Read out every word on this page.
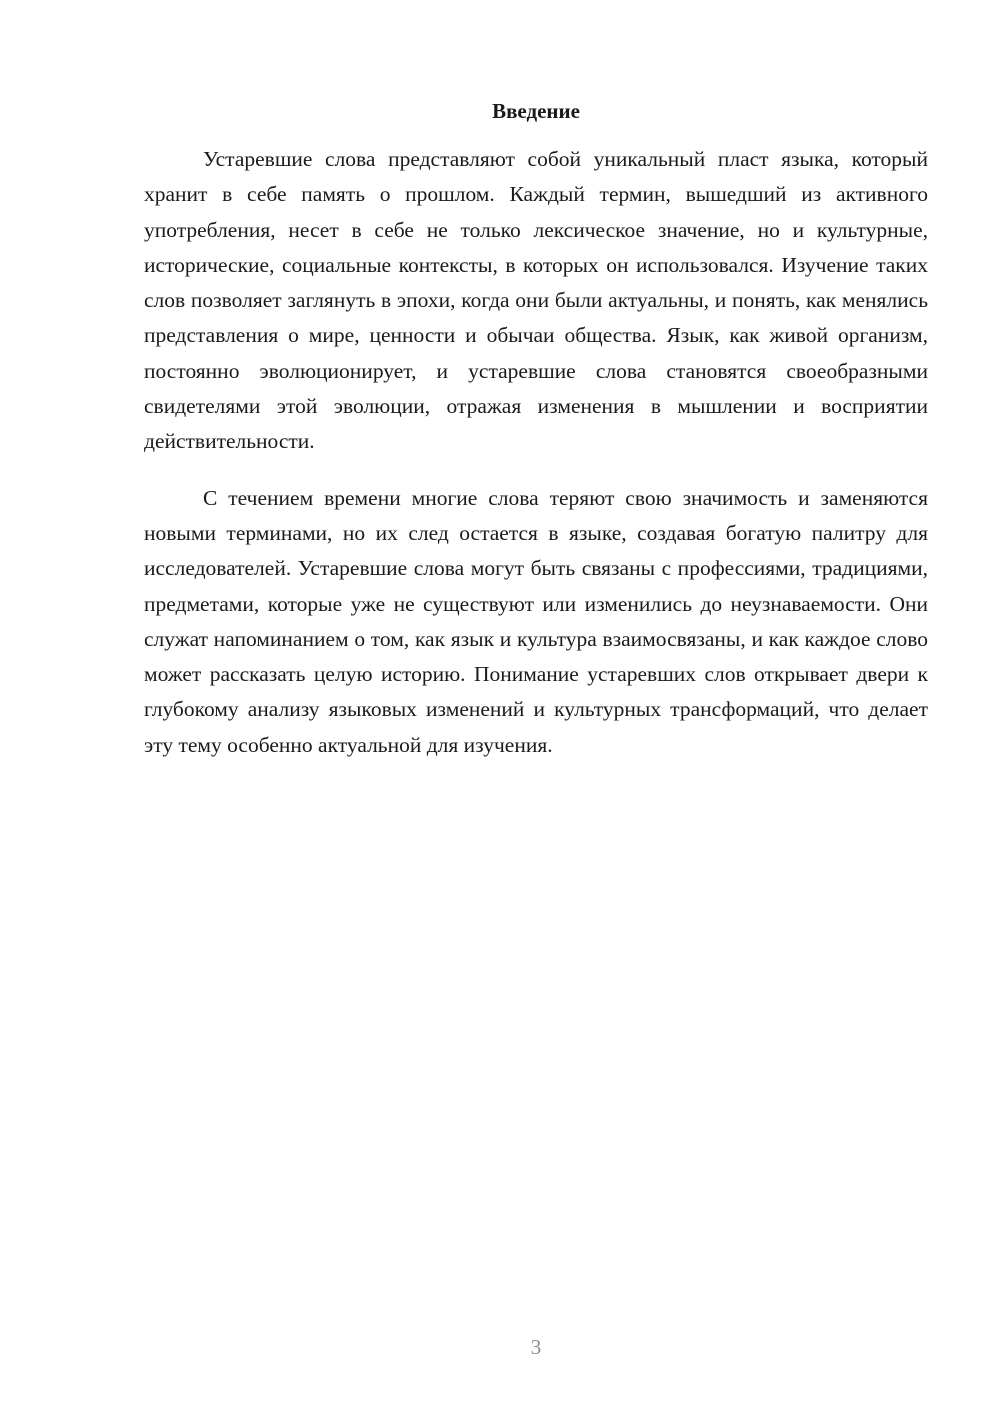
Введение

Устаревшие слова представляют собой уникальный пласт языка, который хранит в себе память о прошлом. Каждый термин, вышедший из активного употребления, несет в себе не только лексическое значение, но и культурные, исторические, социальные контексты, в которых он использовался. Изучение таких слов позволяет заглянуть в эпохи, когда они были актуальны, и понять, как менялись представления о мире, ценности и обычаи общества. Язык, как живой организм, постоянно эволюционирует, и устаревшие слова становятся своеобразными свидетелями этой эволюции, отражая изменения в мышлении и восприятии действительности.

С течением времени многие слова теряют свою значимость и заменяются новыми терминами, но их след остается в языке, создавая богатую палитру для исследователей. Устаревшие слова могут быть связаны с профессиями, традициями, предметами, которые уже не существуют или изменились до неузнаваемости. Они служат напоминанием о том, как язык и культура взаимосвязаны, и как каждое слово может рассказать целую историю. Понимание устаревших слов открывает двери к глубокому анализу языковых изменений и культурных трансформаций, что делает эту тему особенно актуальной для изучения.

3
